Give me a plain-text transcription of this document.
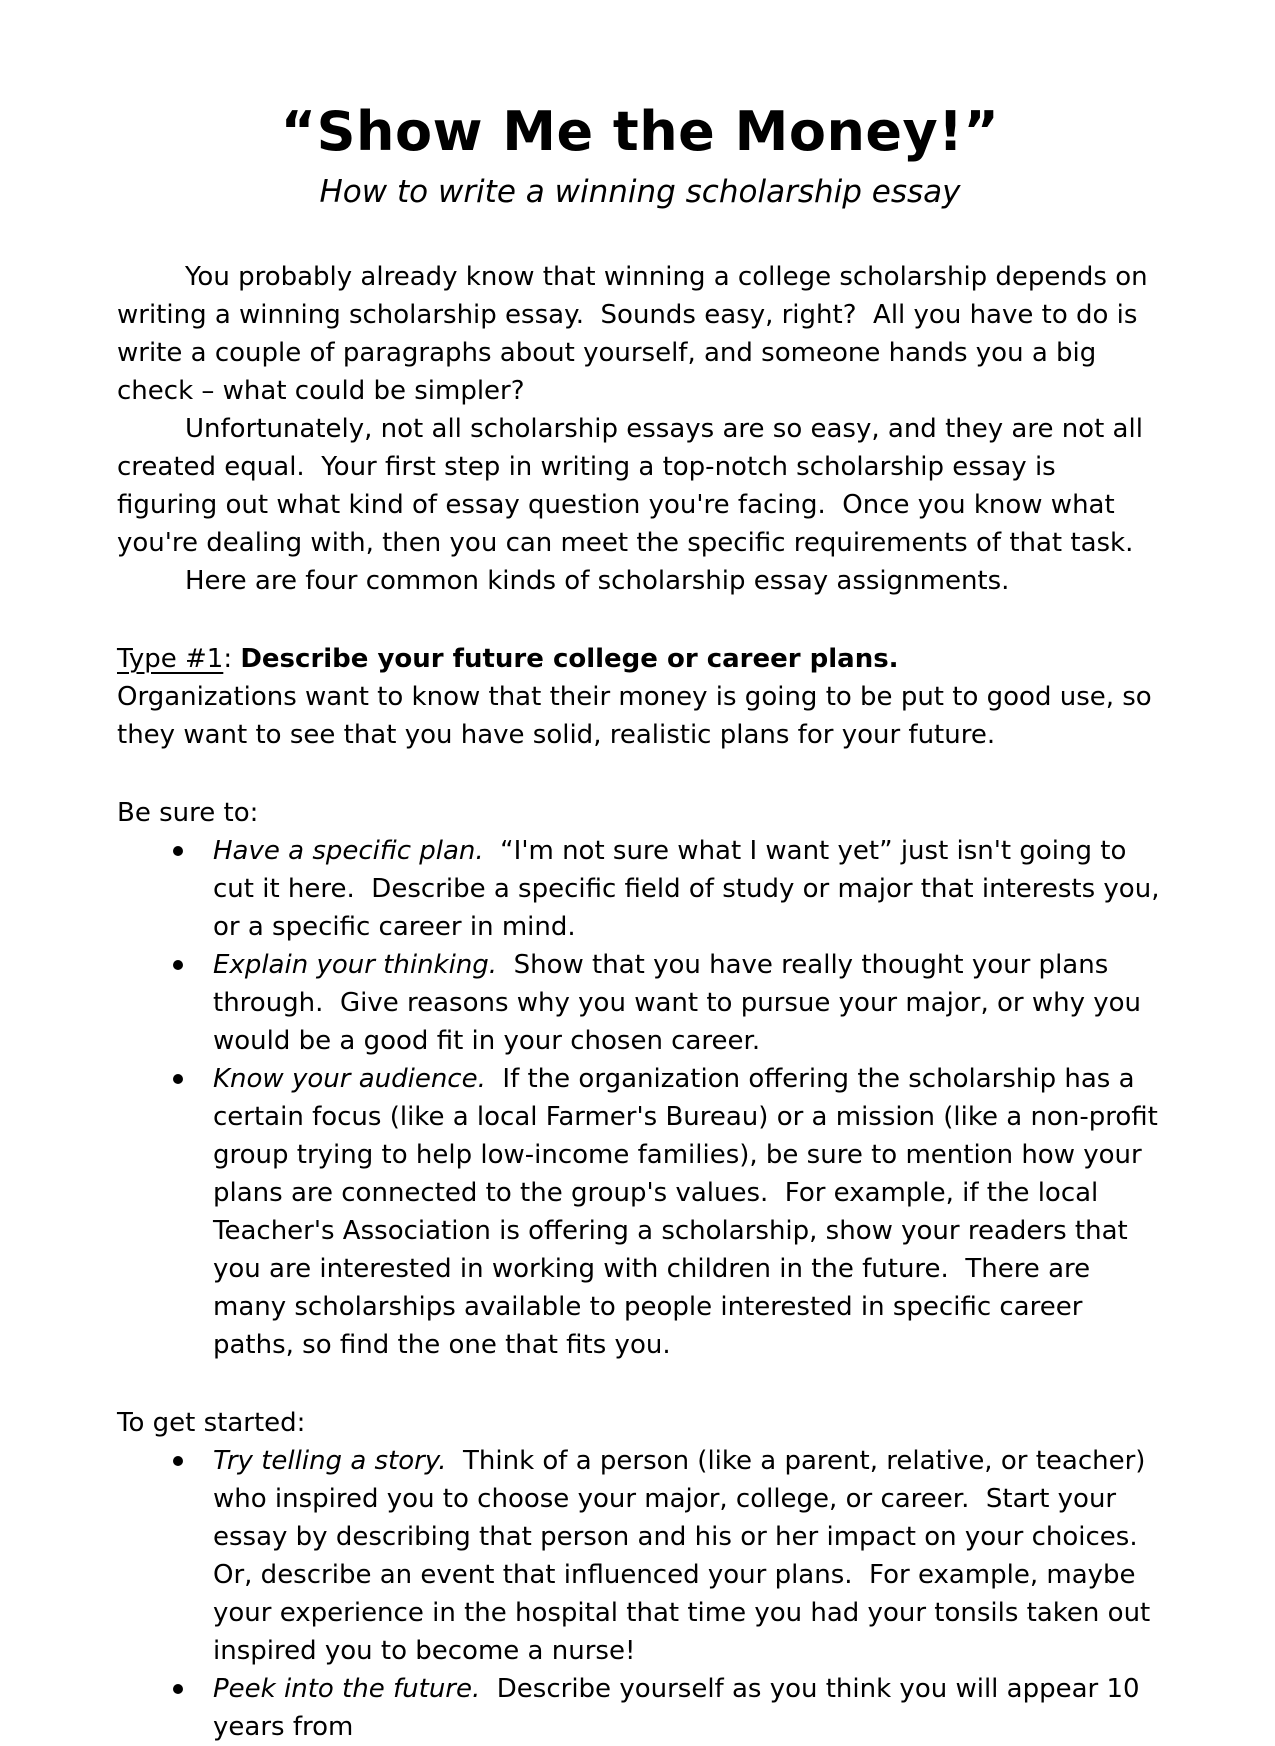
“Show Me the Money!”
How to write a winning scholarship essay

You probably already know that winning a college scholarship depends on writing a winning scholarship essay.  Sounds easy, right?  All you have to do is write a couple of paragraphs about yourself, and someone hands you a big check – what could be simpler?

Unfortunately, not all scholarship essays are so easy, and they are not all created equal.  Your first step in writing a top-notch scholarship essay is figuring out what kind of essay question you're facing.  Once you know what you're dealing with, then you can meet the specific requirements of that task.

Here are four common kinds of scholarship essay assignments.

Type #1: Describe your future college or career plans.

Organizations want to know that their money is going to be put to good use, so they want to see that you have solid, realistic plans for your future.

Be sure to:

Have a specific plan.  “I'm not sure what I want yet” just isn't going to cut it here.  Describe a specific field of study or major that interests you, or a specific career in mind.
Explain your thinking.  Show that you have really thought your plans through.  Give reasons why you want to pursue your major, or why you would be a good fit in your chosen career.
Know your audience.  If the organization offering the scholarship has a certain focus (like a local Farmer's Bureau) or a mission (like a non-profit group trying to help low-income families), be sure to mention how your plans are connected to the group's values.  For example, if the local Teacher's Association is offering a scholarship, show your readers that you are interested in working with children in the future.  There are many scholarships available to people interested in specific career paths, so find the one that fits you.

To get started:

Try telling a story.  Think of a person (like a parent, relative, or teacher) who inspired you to choose your major, college, or career.  Start your essay by describing that person and his or her impact on your choices.  Or, describe an event that influenced your plans.  For example, maybe your experience in the hospital that time you had your tonsils taken out inspired you to become a nurse!
Peek into the future.  Describe yourself as you think you will appear 10 years from
